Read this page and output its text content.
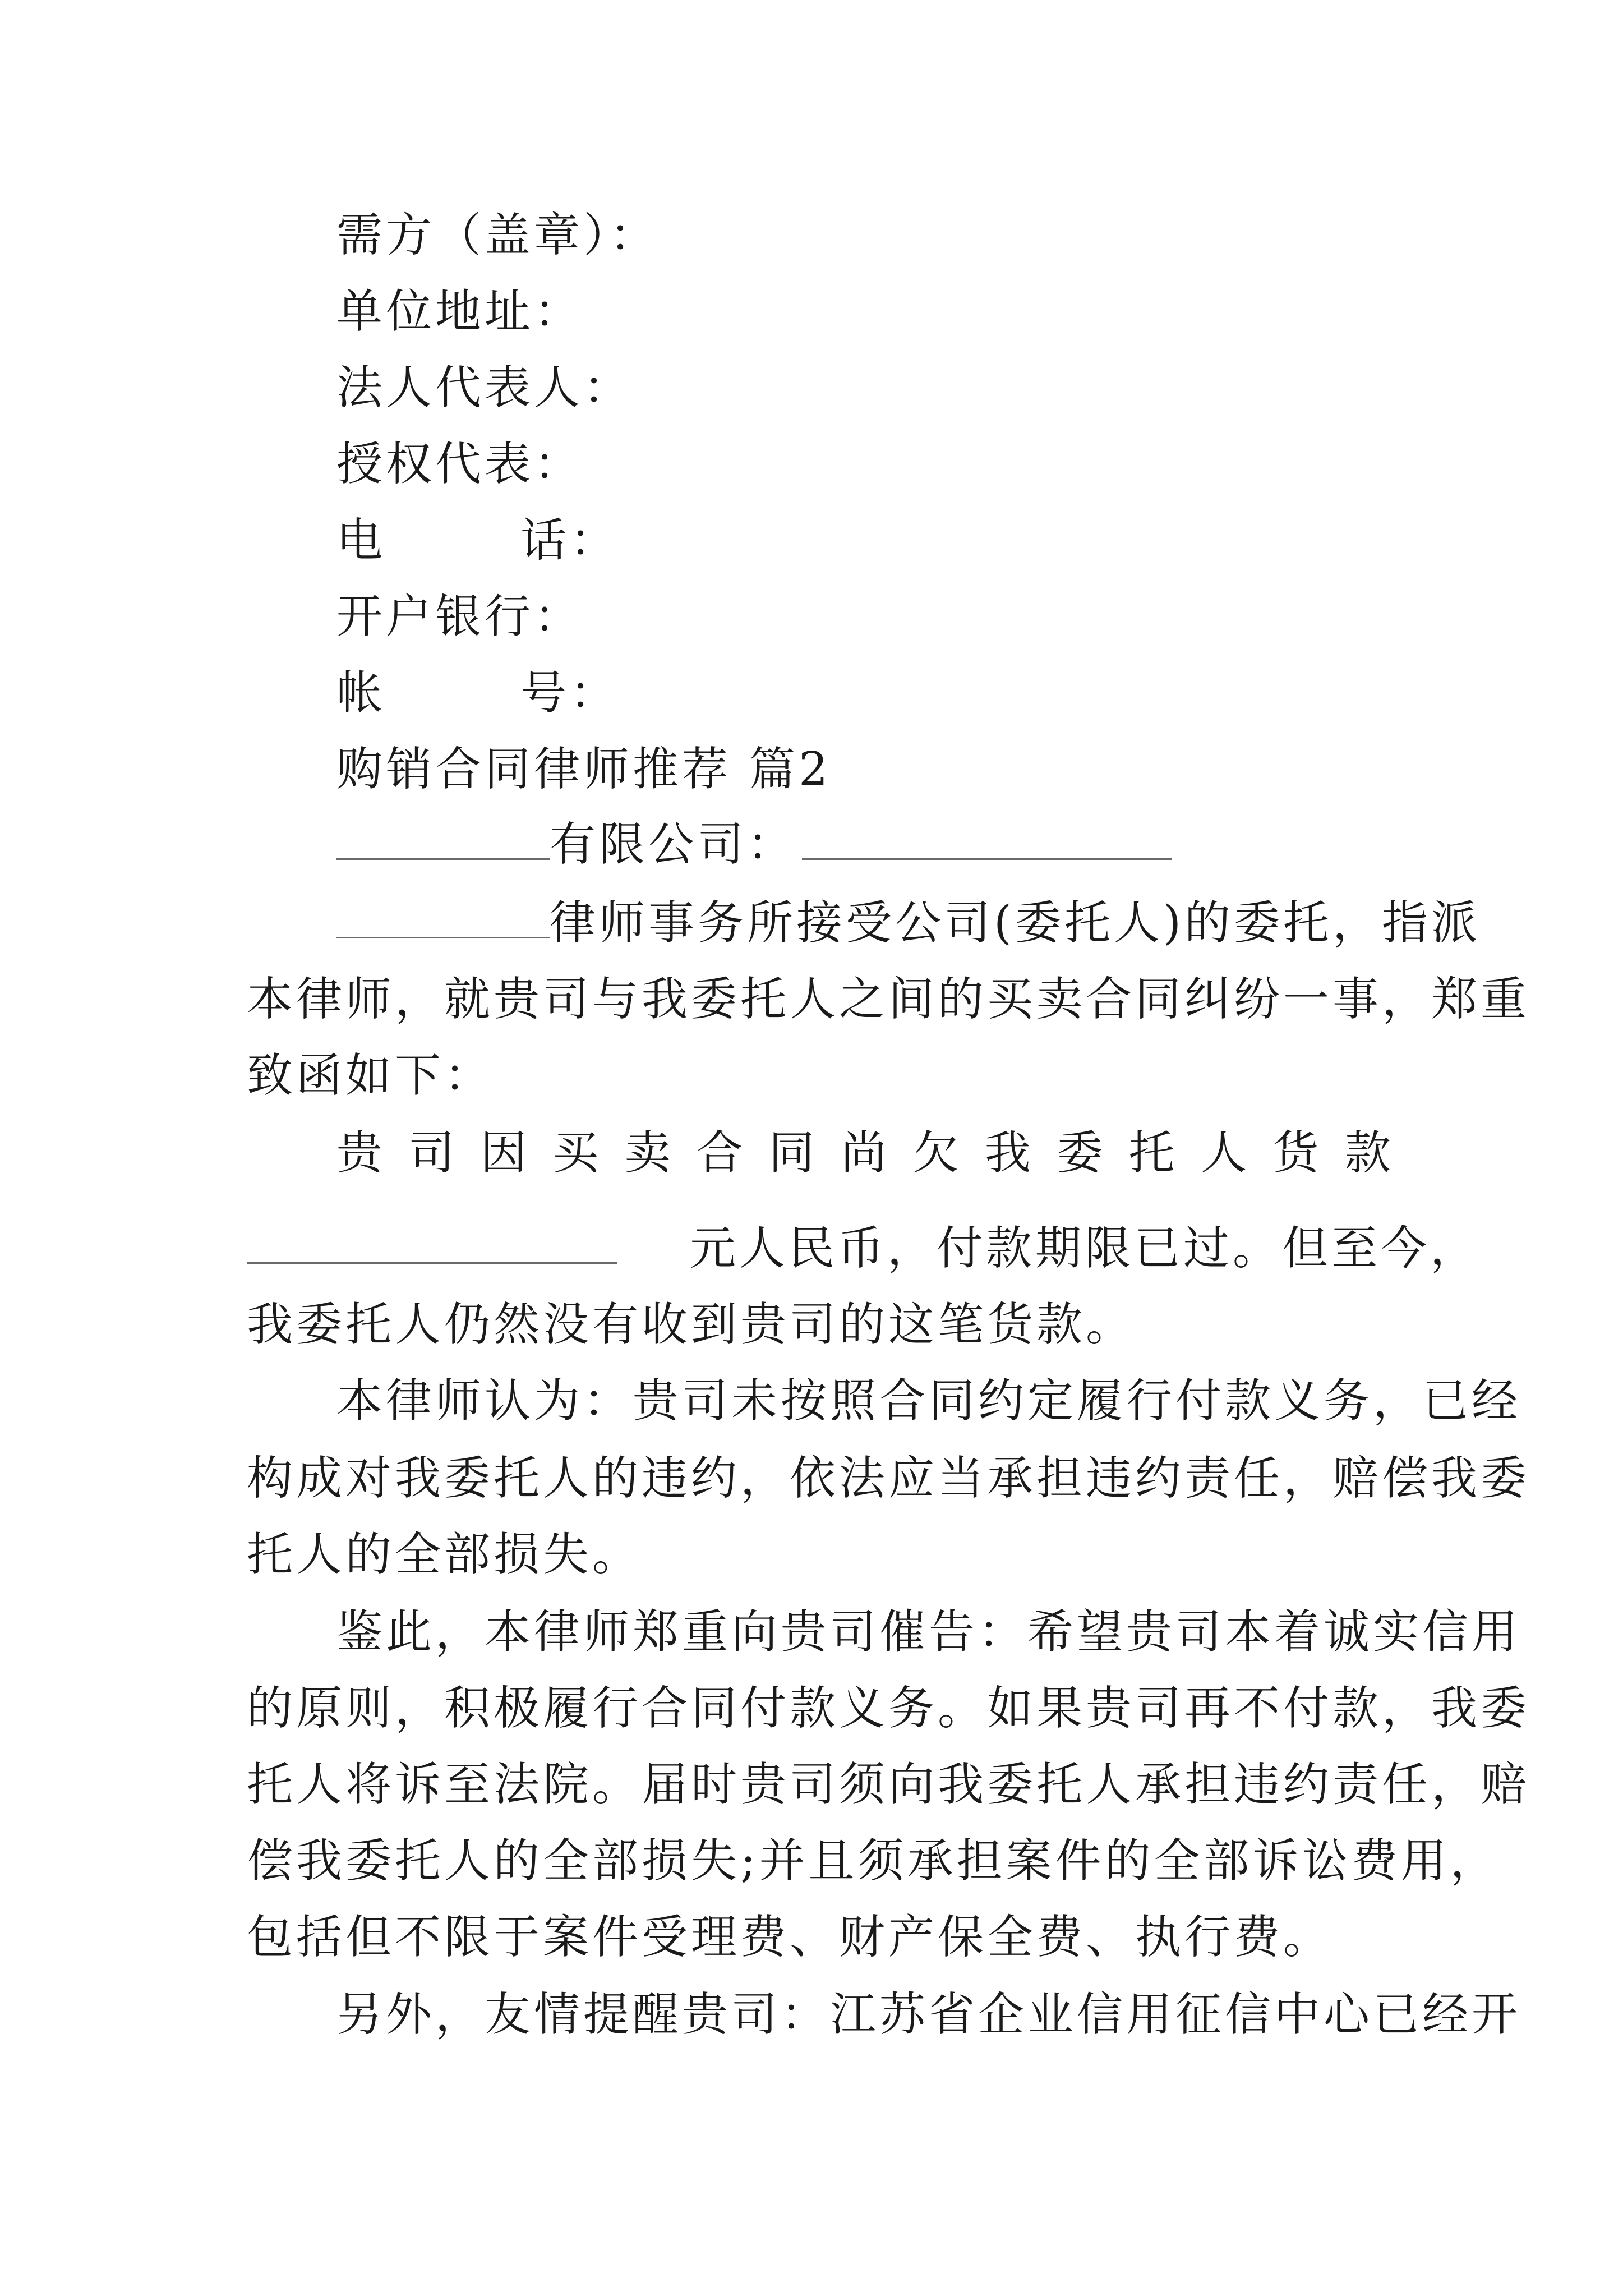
需方（盖章）：
单位地址：
法人代表人：
授权代表：
电	话：
开户银行：
帐	号：
购销合同律师推荐 篇2
有限公司：
律师事务所接受公司(委托人)的委托，指派
本律师，就贵司与我委托人之间的买卖合同纠纷一事，郑重
致函如下：
贵 司 因 买 卖 合 同 尚 欠 我 委 托 人 货 款
元人民币，付款期限已过。但至今，
我委托人仍然没有收到贵司的这笔货款。
本律师认为：贵司未按照合同约定履行付款义务，已经
构成对我委托人的违约，依法应当承担违约责任，赔偿我委
托人的全部损失。
鉴此，本律师郑重向贵司催告：希望贵司本着诚实信用
的原则，积极履行合同付款义务。如果贵司再不付款，我委
托人将诉至法院。届时贵司须向我委托人承担违约责任，赔
偿我委托人的全部损失;并且须承担案件的全部诉讼费用，
包括但不限于案件受理费、财产保全费、执行费。
另外，友情提醒贵司：江苏省企业信用征信中心已经开
